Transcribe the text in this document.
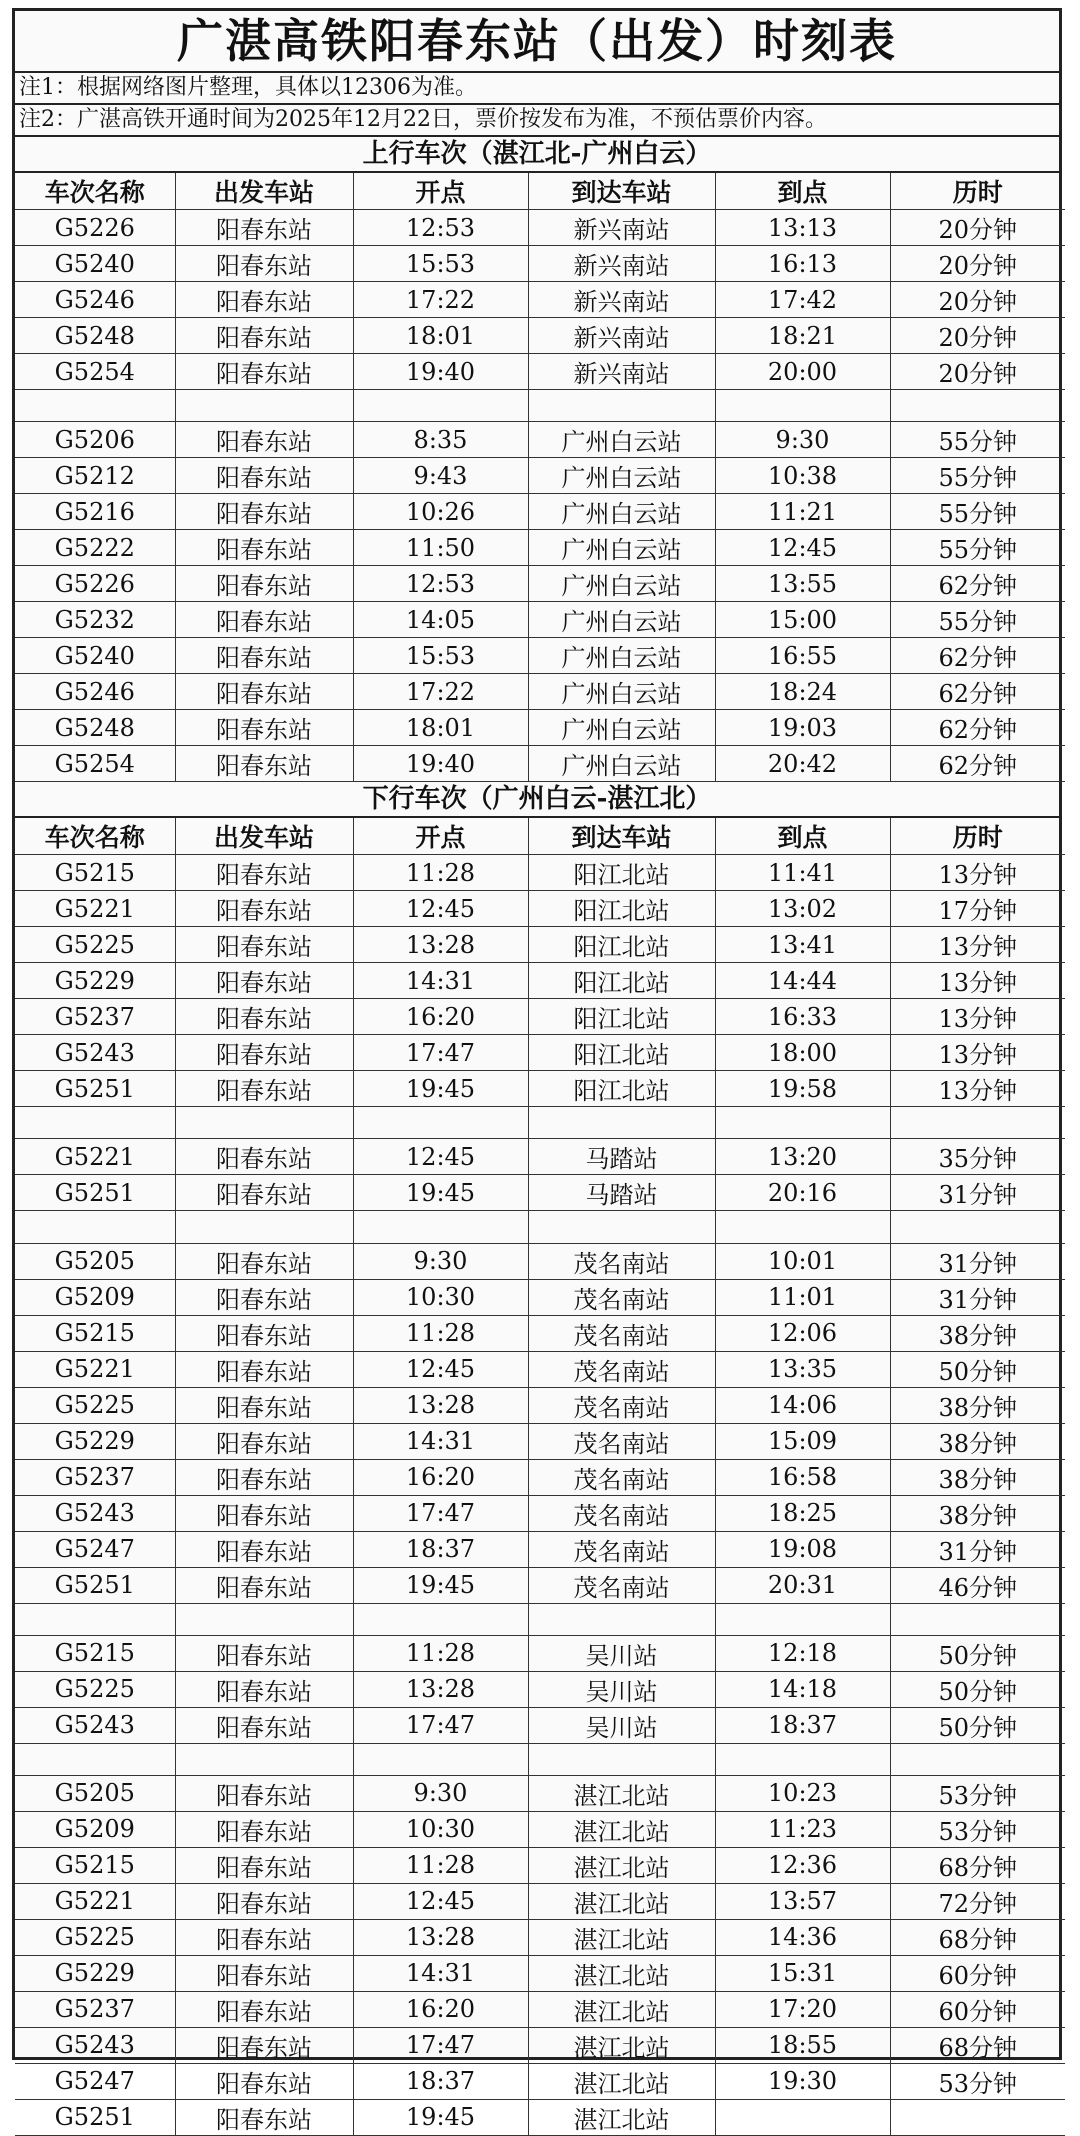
广湛高铁阳春东站（出发）时刻表
注1：根据网络图片整理，具体以12306为准。
注2：广湛高铁开通时间为2025年12月22日，票价按发布为准，不预估票价内容。
上行车次（湛江北-广州白云）
车次名称	出发车站	开点	到达车站	到点	历时
G5226	阳春东站	12:53	新兴南站	13:13	20分钟
G5240	阳春东站	15:53	新兴南站	16:13	20分钟
G5246	阳春东站	17:22	新兴南站	17:42	20分钟
G5248	阳春东站	18:01	新兴南站	18:21	20分钟
G5254	阳春东站	19:40	新兴南站	20:00	20分钟

G5206	阳春东站	8:35	广州白云站	9:30	55分钟
G5212	阳春东站	9:43	广州白云站	10:38	55分钟
G5216	阳春东站	10:26	广州白云站	11:21	55分钟
G5222	阳春东站	11:50	广州白云站	12:45	55分钟
G5226	阳春东站	12:53	广州白云站	13:55	62分钟
G5232	阳春东站	14:05	广州白云站	15:00	55分钟
G5240	阳春东站	15:53	广州白云站	16:55	62分钟
G5246	阳春东站	17:22	广州白云站	18:24	62分钟
G5248	阳春东站	18:01	广州白云站	19:03	62分钟
G5254	阳春东站	19:40	广州白云站	20:42	62分钟
下行车次（广州白云-湛江北）
车次名称	出发车站	开点	到达车站	到点	历时
G5215	阳春东站	11:28	阳江北站	11:41	13分钟
G5221	阳春东站	12:45	阳江北站	13:02	17分钟
G5225	阳春东站	13:28	阳江北站	13:41	13分钟
G5229	阳春东站	14:31	阳江北站	14:44	13分钟
G5237	阳春东站	16:20	阳江北站	16:33	13分钟
G5243	阳春东站	17:47	阳江北站	18:00	13分钟
G5251	阳春东站	19:45	阳江北站	19:58	13分钟

G5221	阳春东站	12:45	马踏站	13:20	35分钟
G5251	阳春东站	19:45	马踏站	20:16	31分钟

G5205	阳春东站	9:30	茂名南站	10:01	31分钟
G5209	阳春东站	10:30	茂名南站	11:01	31分钟
G5215	阳春东站	11:28	茂名南站	12:06	38分钟
G5221	阳春东站	12:45	茂名南站	13:35	50分钟
G5225	阳春东站	13:28	茂名南站	14:06	38分钟
G5229	阳春东站	14:31	茂名南站	15:09	38分钟
G5237	阳春东站	16:20	茂名南站	16:58	38分钟
G5243	阳春东站	17:47	茂名南站	18:25	38分钟
G5247	阳春东站	18:37	茂名南站	19:08	31分钟
G5251	阳春东站	19:45	茂名南站	20:31	46分钟

G5215	阳春东站	11:28	吴川站	12:18	50分钟
G5225	阳春东站	13:28	吴川站	14:18	50分钟
G5243	阳春东站	17:47	吴川站	18:37	50分钟

G5205	阳春东站	9:30	湛江北站	10:23	53分钟
G5209	阳春东站	10:30	湛江北站	11:23	53分钟
G5215	阳春东站	11:28	湛江北站	12:36	68分钟
G5221	阳春东站	12:45	湛江北站	13:57	72分钟
G5225	阳春东站	13:28	湛江北站	14:36	68分钟
G5229	阳春东站	14:31	湛江北站	15:31	60分钟
G5237	阳春东站	16:20	湛江北站	17:20	60分钟
G5243	阳春东站	17:47	湛江北站	18:55	68分钟
G5247	阳春东站	18:37	湛江北站	19:30	53分钟
G5251	阳春东站	19:45	湛江北站		
